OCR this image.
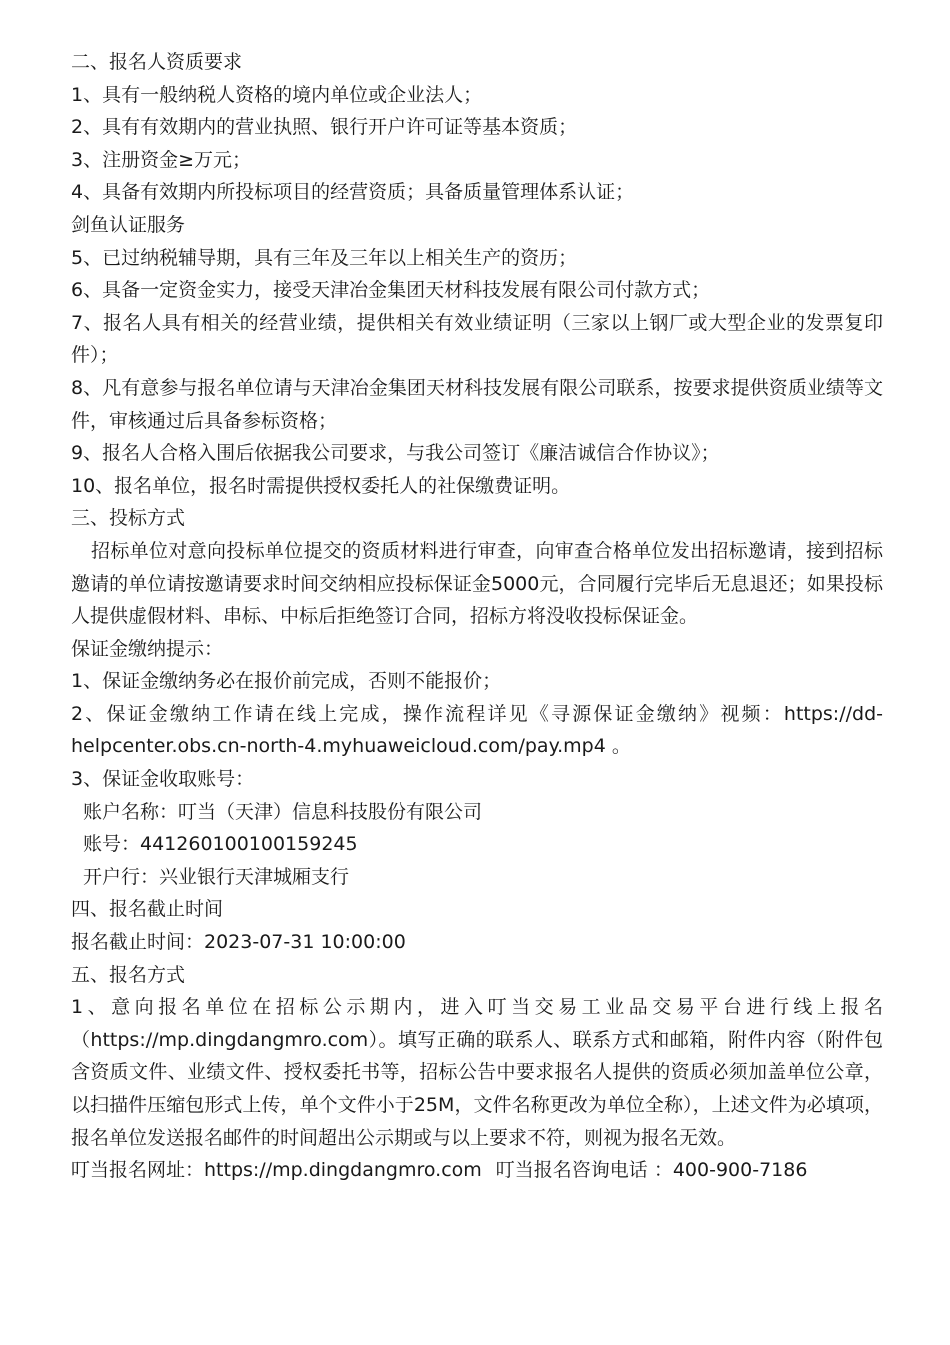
二、报名人资质要求
1、具有一般纳税人资格的境内单位或企业法人；
2、具有有效期内的营业执照、银行开户许可证等基本资质；
3、注册资金≥万元；
4、具备有效期内所投标项目的经营资质；具备质量管理体系认证；
剑鱼认证服务
5、已过纳税辅导期，具有三年及三年以上相关生产的资历；
6、具备一定资金实力，接受天津冶金集团天材科技发展有限公司付款方式；
7、报名人具有相关的经营业绩，提供相关有效业绩证明（三家以上钢厂或大型企业的发票复印件）；
8、凡有意参与报名单位请与天津冶金集团天材科技发展有限公司联系，按要求提供资质业绩等文件，审核通过后具备参标资格；
9、报名人合格入围后依据我公司要求，与我公司签订《廉洁诚信合作协议》；
10、报名单位，报名时需提供授权委托人的社保缴费证明。
三、投标方式
招标单位对意向投标单位提交的资质材料进行审查，向审查合格单位发出招标邀请，接到招标邀请的单位请按邀请要求时间交纳相应投标保证金5000元，合同履行完毕后无息退还；如果投标人提供虚假材料、串标、中标后拒绝签订合同，招标方将没收投标保证金。
保证金缴纳提示：
1、保证金缴纳务必在报价前完成，否则不能报价；
2、保证金缴纳工作请在线上完成，操作流程详见《寻源保证金缴纳》视频：https://dd-helpcenter.obs.cn-north-4.myhuaweicloud.com/pay.mp4 。
3、保证金收取账号：
账户名称：叮当（天津）信息科技股份有限公司
账号：441260100100159245
开户行：兴业银行天津城厢支行
四、报名截止时间
报名截止时间：2023-07-31 10:00:00
五、报名方式
1、意向报名单位在招标公示期内，进入叮当交易工业品交易平台进行线上报名（https://mp.dingdangmro.com）。填写正确的联系人、联系方式和邮箱，附件内容（附件包含资质文件、业绩文件、授权委托书等，招标公告中要求报名人提供的资质必须加盖单位公章，以扫描件压缩包形式上传，单个文件小于25M，文件名称更改为单位全称），上述文件为必填项，报名单位发送报名邮件的时间超出公示期或与以上要求不符，则视为报名无效。
叮当报名网址：https://mp.dingdangmro.com 叮当报名咨询电话 ：400-900-7186
